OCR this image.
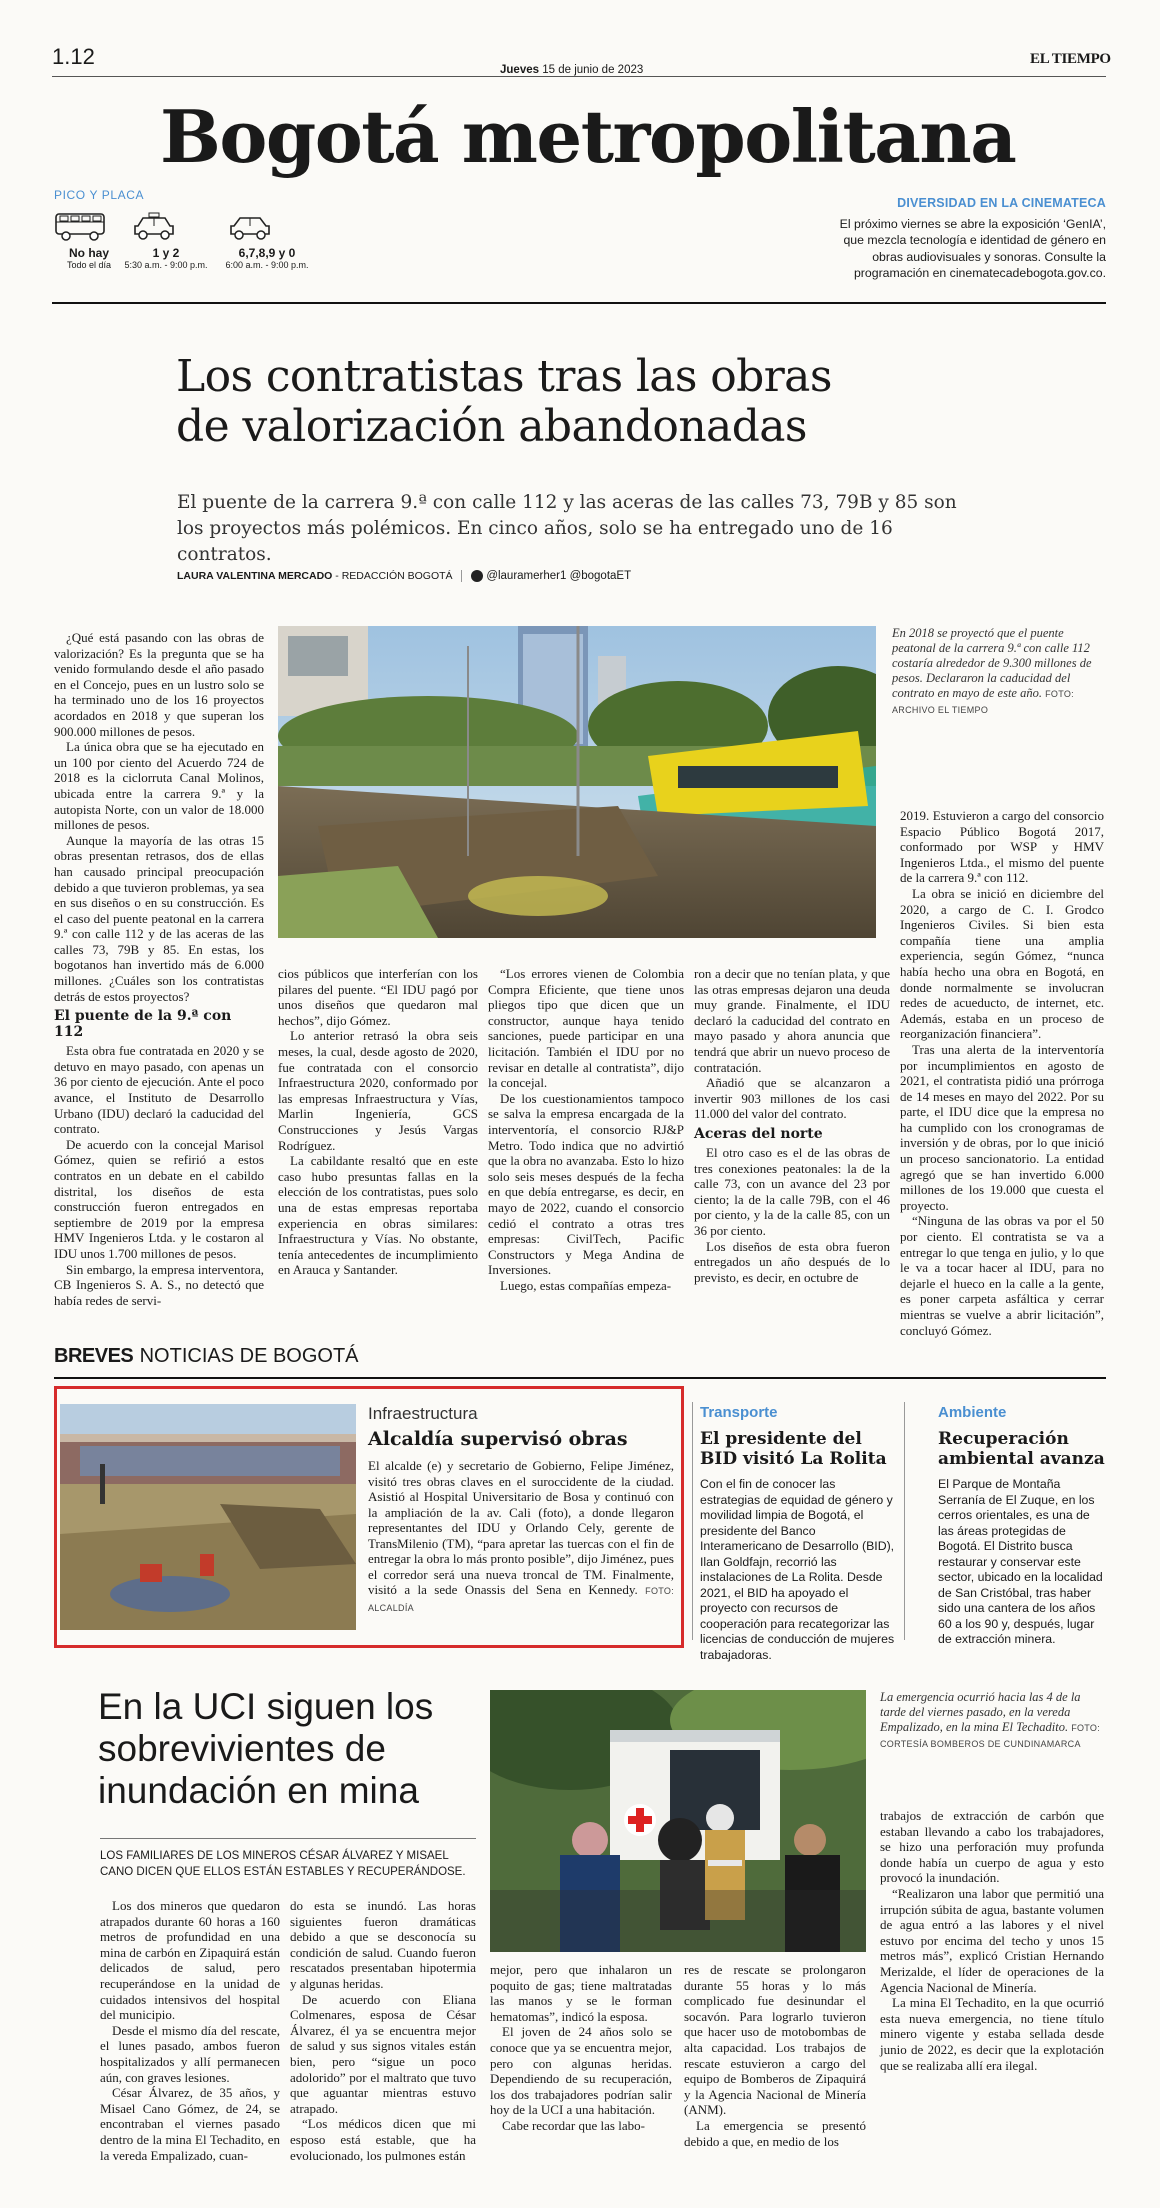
1.12
Jueves 15 de junio de 2023
EL TIEMPO
Bogotá metropolitana
PICO Y PLACA
No hay
Todo el día
1 y 2
5:30 a.m. - 9:00 p.m.
6,7,8,9 y 0
6:00 a.m. - 9:00 p.m.
DIVERSIDAD EN LA CINEMATECA
El próximo viernes se abre la exposición ‘GenIA’, que mezcla tecnología e identidad de género en obras audiovisuales y sonoras. Consulte la programación en cinematecadebogota.gov.co.
Los contratistas tras las obras
de valorización abandonadas
El puente de la carrera 9.ª con calle 112 y las aceras de las calles 73, 79B y 85 son los proyectos más polémicos. En cinco años, solo se ha entregado uno de 16 contratos.
LAURA VALENTINA MERCADO - REDACCIÓN BOGOTÁ	@lauramerher1 @bogotaET
En 2018 se proyectó que el puente peatonal de la carrera 9.ª con calle 112 costaría alrededor de 9.300 millones de pesos. Declararon la caducidad del contrato en mayo de este año. FOTO: ARCHIVO EL TIEMPO

¿Qué está pasando con las obras de valorización? Es la pregunta que se ha venido formulando desde el año pasado en el Concejo, pues en un lustro solo se ha terminado uno de los 16 proyectos acordados en 2018 y que superan los 900.000 millones de pesos.

La única obra que se ha ejecutado en un 100 por ciento del Acuerdo 724 de 2018 es la ciclorruta Canal Molinos, ubicada entre la carrera 9.ª y la autopista Norte, con un valor de 18.000 millones de pesos.

Aunque la mayoría de las otras 15 obras presentan retrasos, dos de ellas han causado principal preocupación debido a que tuvieron problemas, ya sea en sus diseños o en su construcción. Es el caso del puente peatonal en la carrera 9.ª con calle 112 y de las aceras de las calles 73, 79B y 85. En estas, los bogotanos han invertido más de 6.000 millones. ¿Cuáles son los contratistas detrás de estos proyectos?

El puente de la 9.ª con 112

Esta obra fue contratada en 2020 y se detuvo en mayo pasado, con apenas un 36 por ciento de ejecución. Ante el poco avance, el Instituto de Desarrollo Urbano (IDU) declaró la caducidad del contrato.

De acuerdo con la concejal Marisol Gómez, quien se refirió a estos contratos en un debate en el cabildo distrital, los diseños de esta construcción fueron entregados en septiembre de 2019 por la empresa HMV Ingenieros Ltda. y le costaron al IDU unos 1.700 millones de pesos.

Sin embargo, la empresa interventora, CB Ingenieros S. A. S., no detectó que había redes de servi-

cios públicos que interferían con los pilares del puente. “El IDU pagó por unos diseños que quedaron mal hechos”, dijo Gómez.

Lo anterior retrasó la obra seis meses, la cual, desde agosto de 2020, fue contratada con el consorcio Infraestructura 2020, conformado por las empresas Infraestructura y Vías, Marlin Ingeniería, GCS Construcciones y Jesús Vargas Rodríguez.

La cabildante resaltó que en este caso hubo presuntas fallas en la elección de los contratistas, pues solo una de estas empresas reportaba experiencia en obras similares: Infraestructura y Vías. No obstante, tenía antecedentes de incumplimiento en Arauca y Santander.

“Los errores vienen de Colombia Compra Eficiente, que tiene unos pliegos tipo que dicen que un constructor, aunque haya tenido sanciones, puede participar en una licitación. También el IDU por no revisar en detalle al contratista”, dijo la concejal.

De los cuestionamientos tampoco se salva la empresa encargada de la interventoría, el consorcio RJ&P Metro. Todo indica que no advirtió que la obra no avanzaba. Esto lo hizo solo seis meses después de la fecha en que debía entregarse, es decir, en mayo de 2022, cuando el consorcio cedió el contrato a otras tres empresas: CivilTech, Pacific Constructors y Mega Andina de Inversiones.

Luego, estas compañías empeza-

ron a decir que no tenían plata, y que las otras empresas dejaron una deuda muy grande. Finalmente, el IDU declaró la caducidad del contrato en mayo pasado y ahora anuncia que tendrá que abrir un nuevo proceso de contratación.

Añadió que se alcanzaron a invertir 903 millones de los casi 11.000 del valor del contrato.

Aceras del norte

El otro caso es el de las obras de tres conexiones peatonales: la de la calle 73, con un avance del 23 por ciento; la de la calle 79B, con el 46 por ciento, y la de la calle 85, con un 36 por ciento.

Los diseños de esta obra fueron entregados un año después de lo previsto, es decir, en octubre de

2019. Estuvieron a cargo del consorcio Espacio Público Bogotá 2017, conformado por WSP y HMV Ingenieros Ltda., el mismo del puente de la carrera 9.ª con 112.

La obra se inició en diciembre del 2020, a cargo de C. I. Grodco Ingenieros Civiles. Si bien esta compañía tiene una amplia experiencia, según Gómez, “nunca había hecho una obra en Bogotá, en donde normalmente se involucran redes de acueducto, de internet, etc. Además, estaba en un proceso de reorganización financiera”.

Tras una alerta de la interventoría por incumplimientos en agosto de 2021, el contratista pidió una prórroga de 14 meses en mayo del 2022. Por su parte, el IDU dice que la empresa no ha cumplido con los cronogramas de inversión y de obras, por lo que inició un proceso sancionatorio. La entidad agregó que se han invertido 6.000 millones de los 19.000 que cuesta el proyecto.

“Ninguna de las obras va por el 50 por ciento. El contratista se va a entregar lo que tenga en julio, y lo que le va a tocar hacer al IDU, para no dejarle el hueco en la calle a la gente, es poner carpeta asfáltica y cerrar mientras se vuelve a abrir licitación”, concluyó Gómez.

BREVES NOTICIAS DE BOGOTÁ
Infraestructura
Alcaldía supervisó obras

El alcalde (e) y secretario de Gobierno, Felipe Jiménez, visitó tres obras claves en el suroccidente de la ciudad. Asistió al Hospital Universitario de Bosa y continuó con la ampliación de la av. Cali (foto), a donde llegaron representantes del IDU y Orlando Cely, gerente de TransMilenio (TM), “para apretar las tuercas con el fin de entregar la obra lo más pronto posible”, dijo Jiménez, pues el corredor será una nueva troncal de TM. Finalmente, visitó a la sede Onassis del Sena en Kennedy. FOTO: ALCALDÍA

Transporte
El presidente del BID visitó La Rolita
Con el fin de conocer las estrategias de equidad de género y movilidad limpia de Bogotá, el presidente del Banco Interamericano de Desarrollo (BID), Ilan Goldfajn, recorrió las instalaciones de La Rolita. Desde 2021, el BID ha apoyado el proyecto con recursos de cooperación para recategorizar las licencias de conducción de mujeres trabajadoras.
Ambiente
Recuperación ambiental avanza
El Parque de Montaña Serranía de El Zuque, en los cerros orientales, es una de las áreas protegidas de Bogotá. El Distrito busca restaurar y conservar este sector, ubicado en la localidad de San Cristóbal, tras haber sido una cantera de los años 60 a los 90 y, después, lugar de extracción minera.
En la UCI siguen los sobrevivientes de inundación en mina
LOS FAMILIARES DE LOS MINEROS CÉSAR ÁLVAREZ Y MISAEL CANO DICEN QUE ELLOS ESTÁN ESTABLES Y RECUPERÁNDOSE.
La emergencia ocurrió hacia las 4 de la tarde del viernes pasado, en la vereda Empalizado, en la mina El Techadito. FOTO: CORTESÍA BOMBEROS DE CUNDINAMARCA

Los dos mineros que quedaron atrapados durante 60 horas a 160 metros de profundidad en una mina de carbón en Zipaquirá están delicados de salud, pero recuperándose en la unidad de cuidados intensivos del hospital del municipio.

Desde el mismo día del rescate, el lunes pasado, ambos fueron hospitalizados y allí permanecen aún, con graves lesiones.

César Álvarez, de 35 años, y Misael Cano Gómez, de 24, se encontraban el viernes pasado dentro de la mina El Techadito, en la vereda Empalizado, cuan-

do esta se inundó. Las horas siguientes fueron dramáticas debido a que se desconocía su condición de salud. Cuando fueron rescatados presentaban hipotermia y algunas heridas.

De acuerdo con Eliana Colmenares, esposa de César Álvarez, él ya se encuentra mejor de salud y sus signos vitales están bien, pero “sigue un poco adolorido” por el maltrato que tuvo que aguantar mientras estuvo atrapado.

“Los médicos dicen que mi esposo está estable, que ha evolucionado, los pulmones están

mejor, pero que inhalaron un poquito de gas; tiene maltratadas las manos y se le forman hematomas”, indicó la esposa.

El joven de 24 años solo se conoce que ya se encuentra mejor, pero con algunas heridas. Dependiendo de su recuperación, los dos trabajadores podrían salir hoy de la UCI a una habitación.

Cabe recordar que las labo-

res de rescate se prolongaron durante 55 horas y lo más complicado fue desinundar el socavón. Para lograrlo tuvieron que hacer uso de motobombas de alta capacidad. Los trabajos de rescate estuvieron a cargo del equipo de Bomberos de Zipaquirá y la Agencia Nacional de Minería (ANM).

La emergencia se presentó debido a que, en medio de los

trabajos de extracción de carbón que estaban llevando a cabo los trabajadores, se hizo una perforación muy profunda donde había un cuerpo de agua y esto provocó la inundación.

“Realizaron una labor que permitió una irrupción súbita de agua, bastante volumen de agua entró a las labores y el nivel estuvo por encima del techo y unos 15 metros más”, explicó Cristian Hernando Merizalde, el líder de operaciones de la Agencia Nacional de Minería.

La mina El Techadito, en la que ocurrió esta nueva emergencia, no tiene título minero vigente y estaba sellada desde junio de 2022, es decir que la explotación que se realizaba allí era ilegal.
